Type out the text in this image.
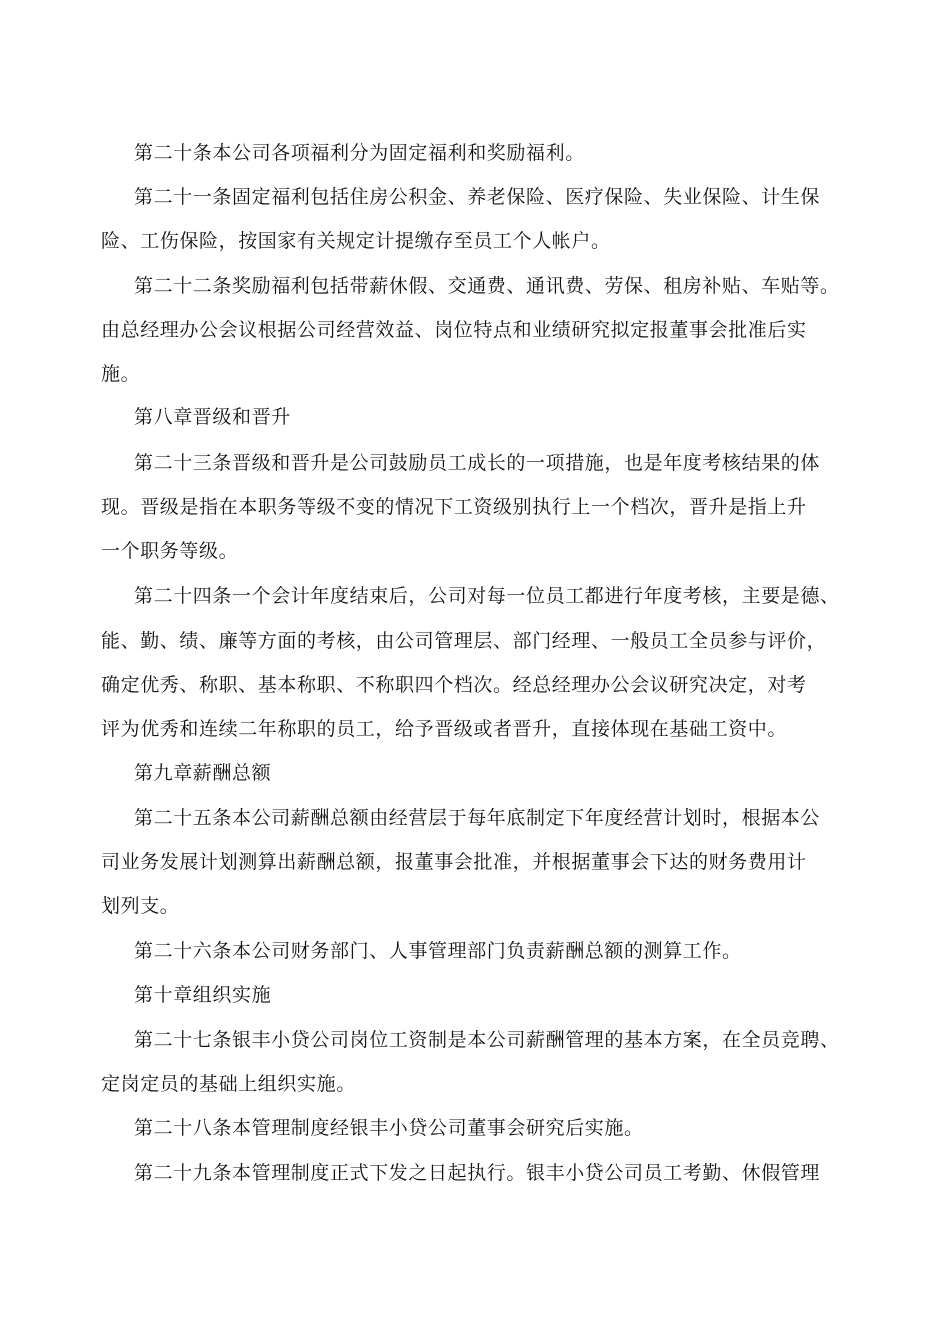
第二十条本公司各项福利分为固定福利和奖励福利。
第二十一条固定福利包括住房公积金、养老保险、医疗保险、失业保险、计生保
险、工伤保险，按国家有关规定计提缴存至员工个人帐户。
第二十二条奖励福利包括带薪休假、交通费、通讯费、劳保、租房补贴、车贴等。
由总经理办公会议根据公司经营效益、岗位特点和业绩研究拟定报董事会批准后实
施。
第八章晋级和晋升
第二十三条晋级和晋升是公司鼓励员工成长的一项措施，也是年度考核结果的体
现。晋级是指在本职务等级不变的情况下工资级别执行上一个档次，晋升是指上升
一个职务等级。
第二十四条一个会计年度结束后，公司对每一位员工都进行年度考核，主要是德、
能、勤、绩、廉等方面的考核，由公司管理层、部门经理、一般员工全员参与评价，
确定优秀、称职、基本称职、不称职四个档次。经总经理办公会议研究决定，对考
评为优秀和连续二年称职的员工，给予晋级或者晋升，直接体现在基础工资中。
第九章薪酬总额
第二十五条本公司薪酬总额由经营层于每年底制定下年度经营计划时，根据本公
司业务发展计划测算出薪酬总额，报董事会批准，并根据董事会下达的财务费用计
划列支。
第二十六条本公司财务部门、人事管理部门负责薪酬总额的测算工作。
第十章组织实施
第二十七条银丰小贷公司岗位工资制是本公司薪酬管理的基本方案，在全员竞聘、
定岗定员的基础上组织实施。
第二十八条本管理制度经银丰小贷公司董事会研究后实施。
第二十九条本管理制度正式下发之日起执行。银丰小贷公司员工考勤、休假管理
